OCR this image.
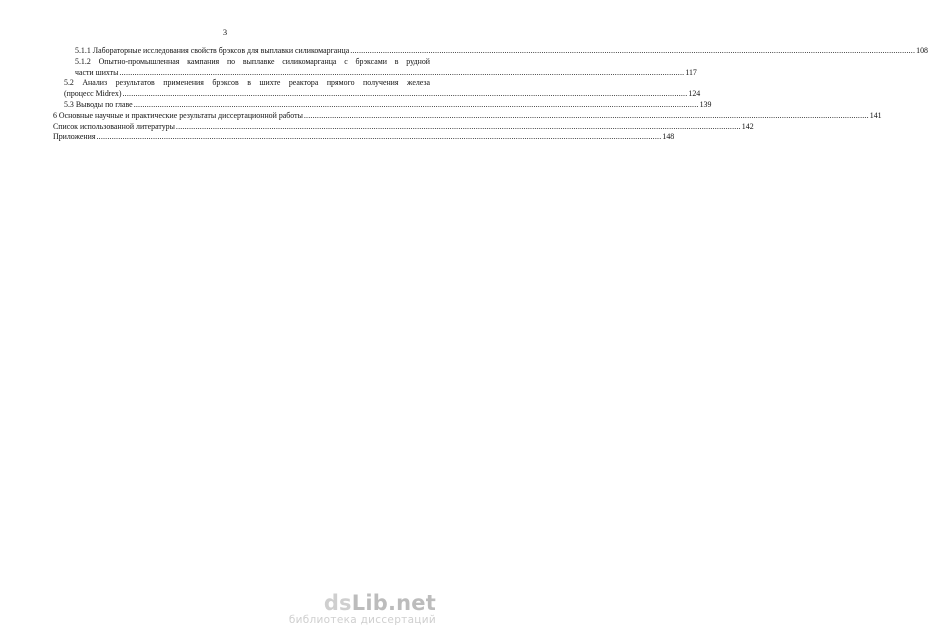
3
5.1.1 Лабораторные исследования свойств брэксов для выплавки силикомарганца .....	108
5.1.2 Опытно-промышленная кампания по выплавке силикомарганца с брэксами в рудной
части шихты .....	117
5.2 Анализ результатов применения брэксов в шихте реактора прямого получения железа
(процесс Midrex) .....	124
5.3 Выводы по главе .....	139
6 Основные научные и практические результаты диссертационной работы .....	141
Список использованной литературы .....	142
Приложения .....	148
dsLib.net
библиотека диссертаций
